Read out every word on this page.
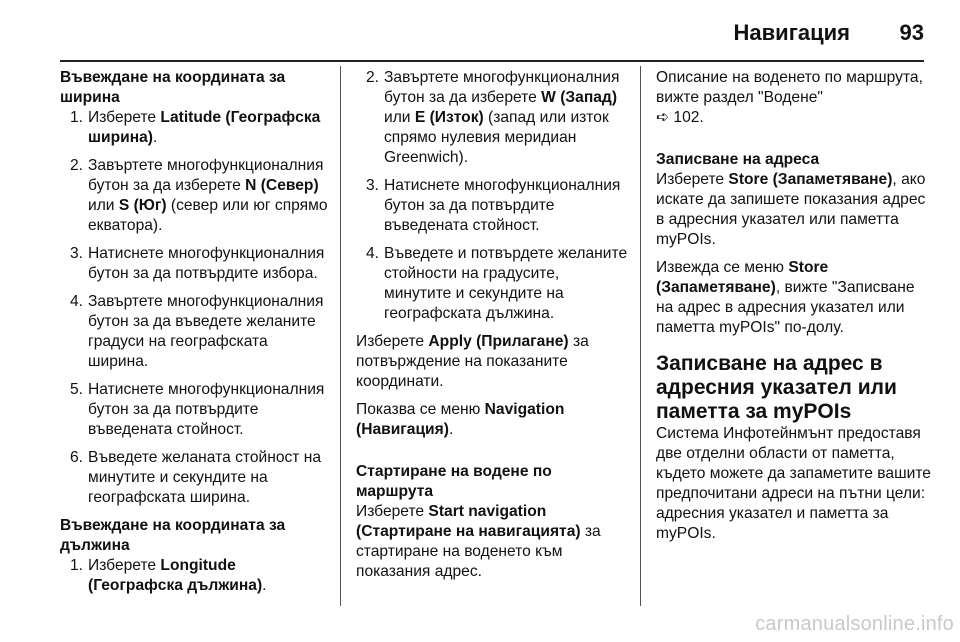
Навигация	93
Въвеждане на координата за ширина
1. Изберете Latitude (Географска ширина).
2. Завъртете многофункционалния бутон за да изберете N (Север) или S (Юг) (север или юг спрямо екватора).
3. Натиснете многофункционалния бутон за да потвърдите избора.
4. Завъртете многофункционалния бутон за да въведете желаните градуси на географската ширина.
5. Натиснете многофункционалния бутон за да потвърдите въведената стойност.
6. Въведете желаната стойност на минутите и секундите на географската ширина.
Въвеждане на координата за дължина
1. Изберете Longitude (Географска дължина).
2. Завъртете многофункционалния бутон за да изберете W (Запад) или E (Изток) (запад или изток спрямо нулевия меридиан Greenwich).
3. Натиснете многофункционалния бутон за да потвърдите въведената стойност.
4. Въведете и потвърдете желаните стойности на градусите, минутите и секундите на географската дължина.

Изберете Apply (Прилагане) за потвърждение на показаните координати.

Показва се меню Navigation (Навигация).

Стартиране на водене по маршрута

Изберете Start navigation (Стартиране на навигацията) за стартиране на воденето към показания адрес.

Описание на воденето по маршрута, вижте раздел "Водене"
➪ 102.

Записване на адреса

Изберете Store (Запаметяване), ако искате да запишете показания адрес в адресния указател или паметта myPOIs.

Извежда се меню Store (Запаметяване), вижте "Записване на адрес в адресния указател или паметта myPOIs" по-долу.

Записване на адрес в адресния указател или паметта за myPOIs

Система Инфотейнмънт предоставя две отделни области от паметта, където можете да запаметите вашите предпочитани адреси на пътни цели: адресния указател и паметта за myPOIs.

carmanualsonline.info
